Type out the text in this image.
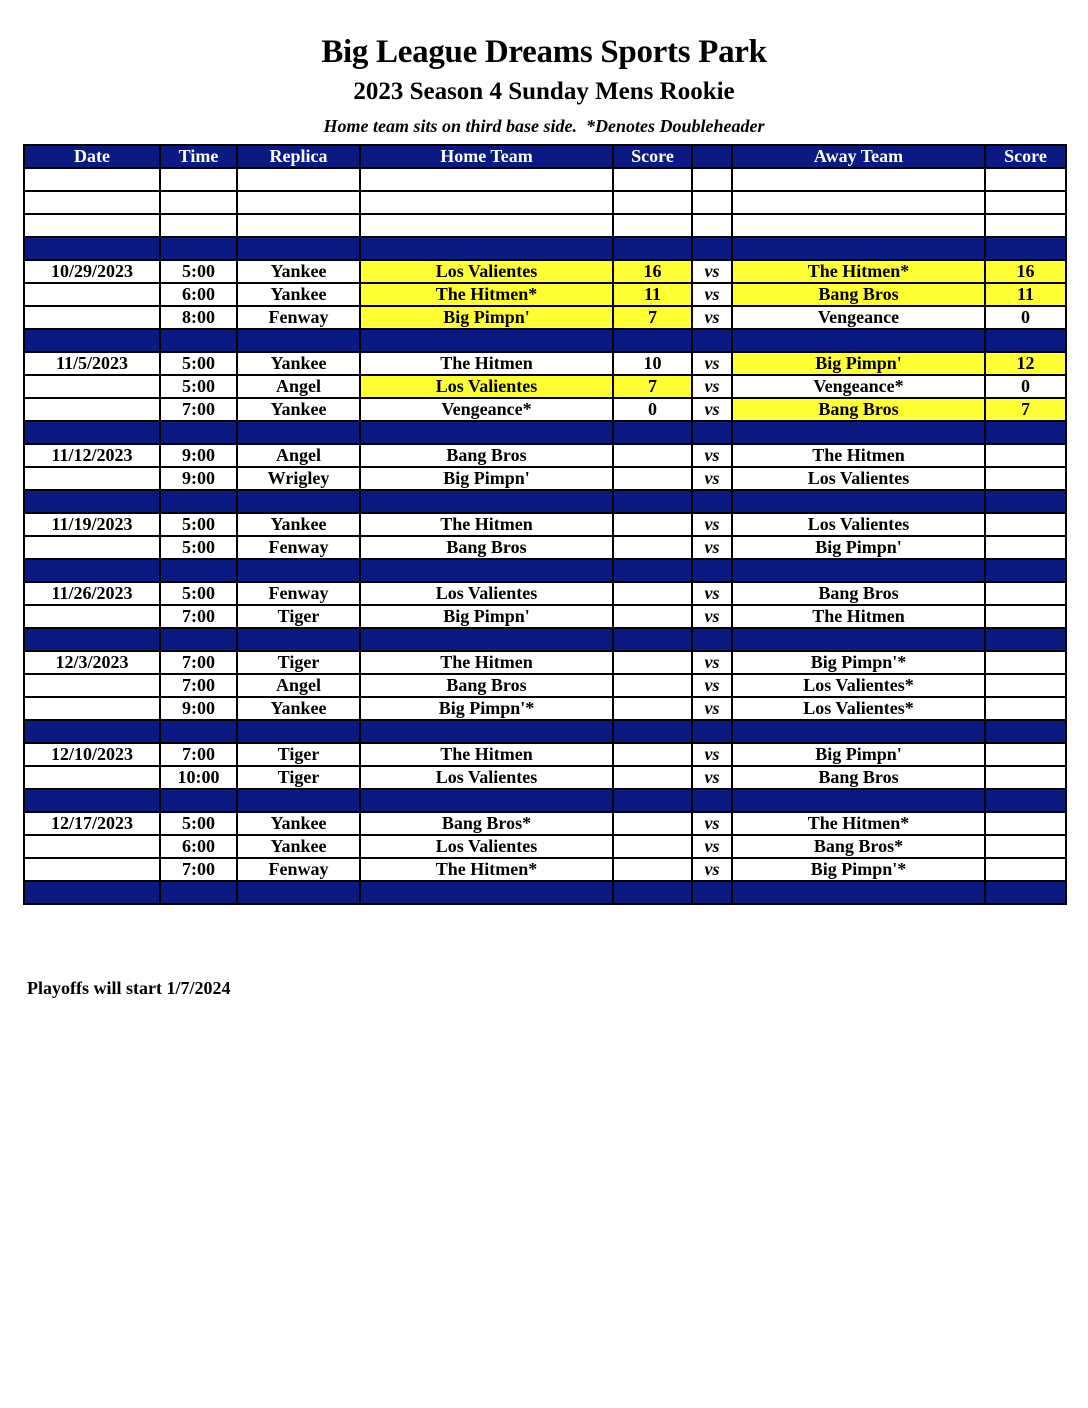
Big League Dreams Sports Park
2023 Season 4 Sunday Mens Rookie
Home team sits on third base side.  *Denotes Doubleheader
Date	Time	Replica	Home Team	Score		Away Team	Score

10/29/2023	5:00	Yankee	Los Valientes	16	vs	The Hitmen*	16
	6:00	Yankee	The Hitmen*	11	vs	Bang Bros	11
	8:00	Fenway	Big Pimpn'	7	vs	Vengeance	0

11/5/2023	5:00	Yankee	The Hitmen	10	vs	Big Pimpn'	12
	5:00	Angel	Los Valientes	7	vs	Vengeance*	0
	7:00	Yankee	Vengeance*	0	vs	Bang Bros	7

11/12/2023	9:00	Angel	Bang Bros		vs	The Hitmen	
	9:00	Wrigley	Big Pimpn'		vs	Los Valientes	

11/19/2023	5:00	Yankee	The Hitmen		vs	Los Valientes	
	5:00	Fenway	Bang Bros		vs	Big Pimpn'	

11/26/2023	5:00	Fenway	Los Valientes		vs	Bang Bros	
	7:00	Tiger	Big Pimpn'		vs	The Hitmen	

12/3/2023	7:00	Tiger	The Hitmen		vs	Big Pimpn'*	
	7:00	Angel	Bang Bros		vs	Los Valientes*	
	9:00	Yankee	Big Pimpn'*		vs	Los Valientes*	

12/10/2023	7:00	Tiger	The Hitmen		vs	Big Pimpn'	
	10:00	Tiger	Los Valientes		vs	Bang Bros	

12/17/2023	5:00	Yankee	Bang Bros*		vs	The Hitmen*	
	6:00	Yankee	Los Valientes		vs	Bang Bros*	
	7:00	Fenway	The Hitmen*		vs	Big Pimpn'*	

Playoffs will start 1/7/2024
